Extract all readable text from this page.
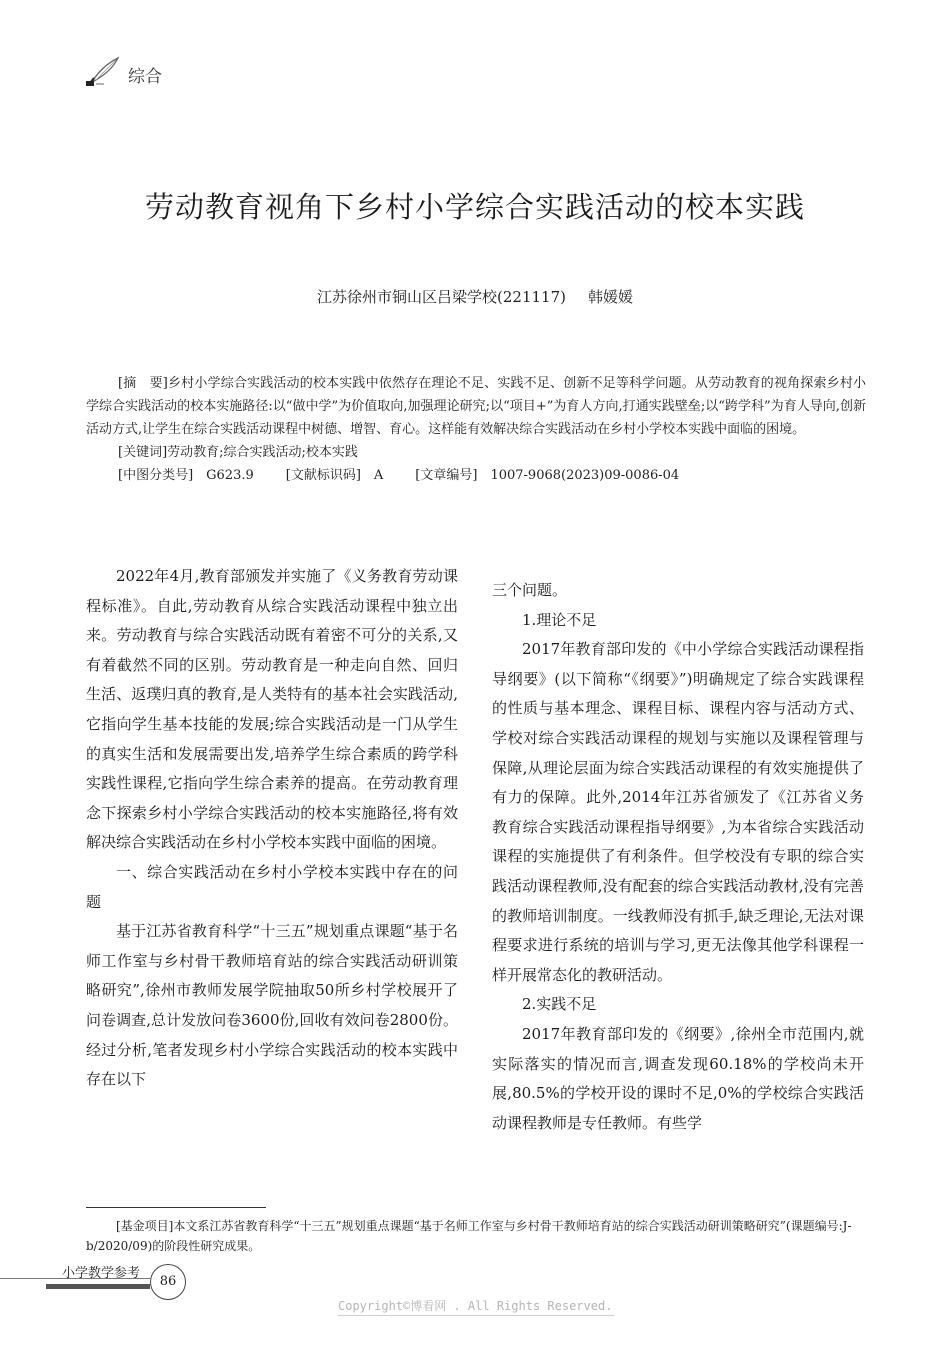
综合
劳动教育视角下乡村小学综合实践活动的校本实践
江苏徐州市铜山区吕梁学校(221117) 韩媛媛

[摘　要]乡村小学综合实践活动的校本实践中依然存在理论不足、实践不足、创新不足等科学问题。从劳动教育的视角探索乡村小学综合实践活动的校本实施路径:以“做中学”为价值取向,加强理论研究;以“项目+”为育人方向,打通实践壁垒;以“跨学科”为育人导向,创新活动方式,让学生在综合实践活动课程中树德、增智、育心。这样能有效解决综合实践活动在乡村小学校本实践中面临的困境。

[关键词]劳动教育;综合实践活动;校本实践

[中图分类号]　G623.9 [文献标识码]　A [文章编号]　1007-9068(2023)09-0086-04

2022年4月,教育部颁发并实施了《义务教育劳动课程标准》。自此,劳动教育从综合实践活动课程中独立出来。劳动教育与综合实践活动既有着密不可分的关系,又有着截然不同的区别。劳动教育是一种走向自然、回归生活、返璞归真的教育,是人类特有的基本社会实践活动,它指向学生基本技能的发展;综合实践活动是一门从学生的真实生活和发展需要出发,培养学生综合素质的跨学科实践性课程,它指向学生综合素养的提高。在劳动教育理念下探索乡村小学综合实践活动的校本实施路径,将有效解决综合实践活动在乡村小学校本实践中面临的困境。

一、综合实践活动在乡村小学校本实践中存在的问题

基于江苏省教育科学“十三五”规划重点课题“基于名师工作室与乡村骨干教师培育站的综合实践活动研训策略研究”,徐州市教师发展学院抽取50所乡村学校展开了问卷调查,总计发放问卷3600份,回收有效问卷2800份。经过分析,笔者发现乡村小学综合实践活动的校本实践中存在以下

三个问题。

1.理论不足

2017年教育部印发的《中小学综合实践活动课程指导纲要》(以下简称“《纲要》”)明确规定了综合实践课程的性质与基本理念、课程目标、课程内容与活动方式、学校对综合实践活动课程的规划与实施以及课程管理与保障,从理论层面为综合实践活动课程的有效实施提供了有力的保障。此外,2014年江苏省颁发了《江苏省义务教育综合实践活动课程指导纲要》,为本省综合实践活动课程的实施提供了有利条件。但学校没有专职的综合实践活动课程教师,没有配套的综合实践活动教材,没有完善的教师培训制度。一线教师没有抓手,缺乏理论,无法对课程要求进行系统的培训与学习,更无法像其他学科课程一样开展常态化的教研活动。

2.实践不足

2017年教育部印发的《纲要》,徐州全市范围内,就实际落实的情况而言,调查发现60.18%的学校尚未开展,80.5%的学校开设的课时不足,0%的学校综合实践活动课程教师是专任教师。有些学

[基金项目]本文系江苏省教育科学“十三五”规划重点课题“基于名师工作室与乡村骨干教师培育站的综合实践活动研训策略研究”(课题编号:J-b/2020/09)的阶段性研究成果。
小学教学参考
86
Copyright©博看网 . All Rights Reserved.
